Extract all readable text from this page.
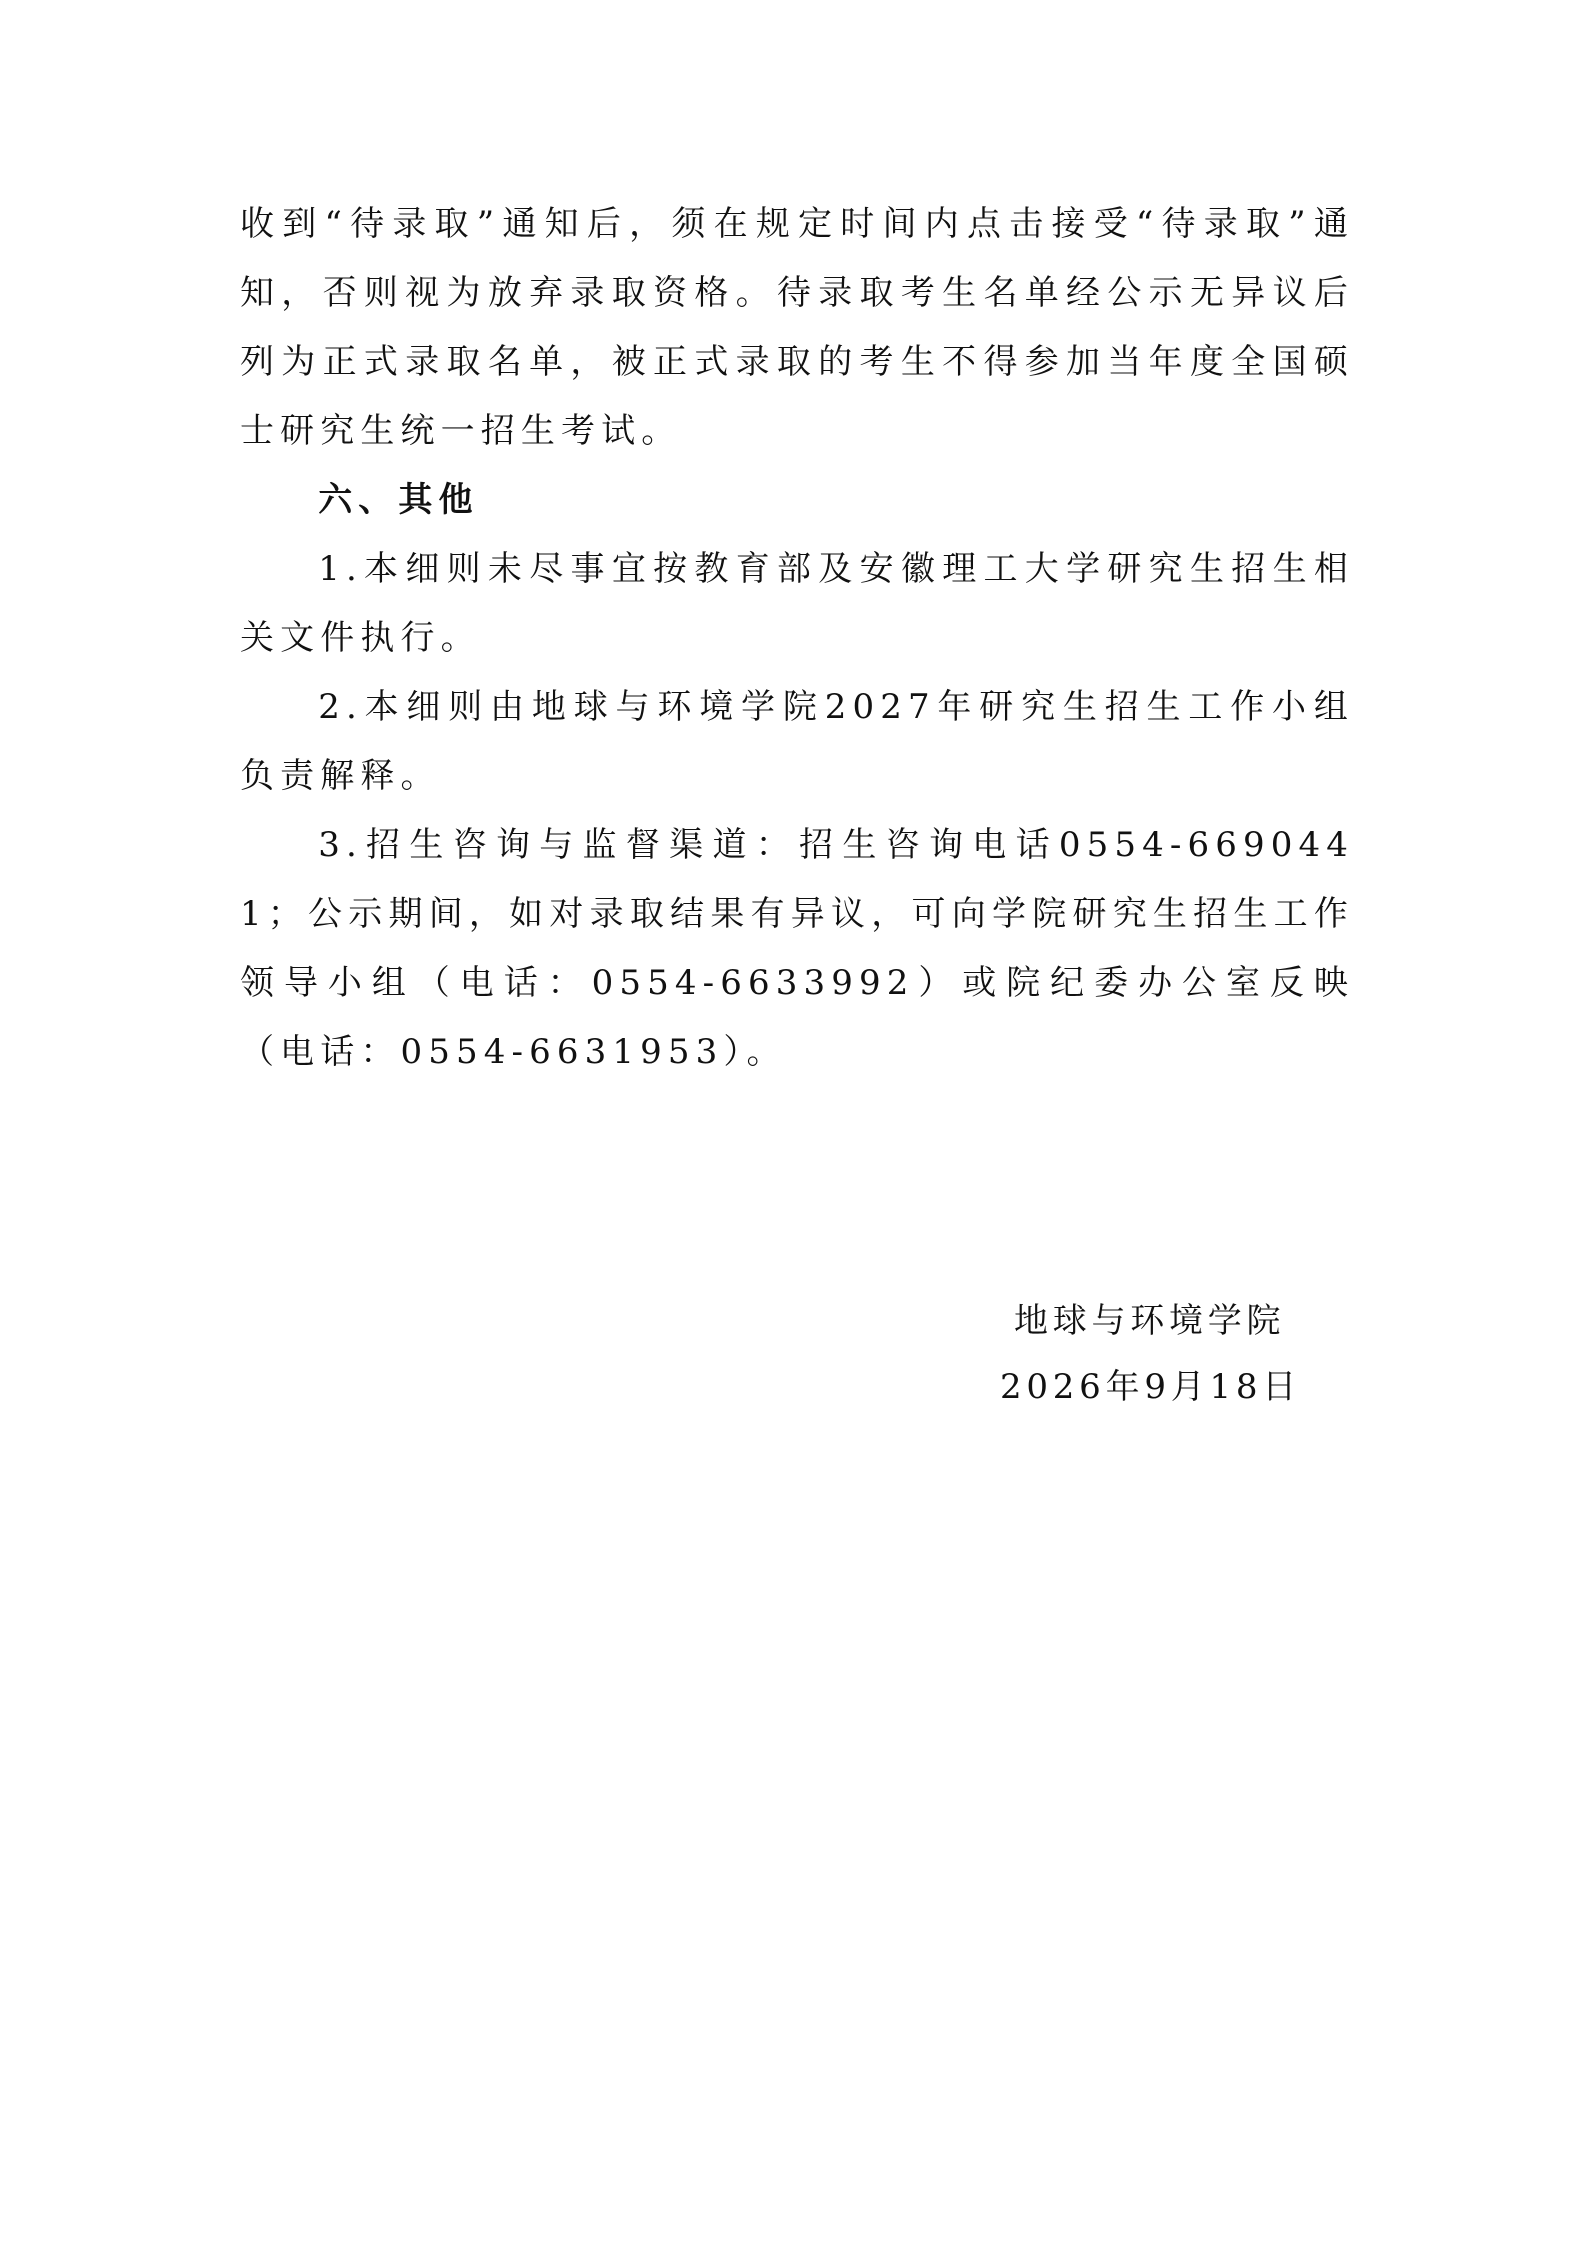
收到“待录取”通知后，须在规定时间内点击接受“待录取”通知，否则视为放弃录取资格。待录取考生名单经公示无异议后列为正式录取名单，被正式录取的考生不得参加当年度全国硕士研究生统一招生考试。

六、其他

1.本细则未尽事宜按教育部及安徽理工大学研究生招生相关文件执行。

2.本细则由地球与环境学院2027年研究生招生工作小组负责解释。

3.招生咨询与监督渠道：招生咨询电话0554-6690441；公示期间，如对录取结果有异议，可向学院研究生招生工作领导小组（电话：0554-6633992）或院纪委办公室反映（电话：0554-6631953）。

地球与环境学院

2026年9月18日
